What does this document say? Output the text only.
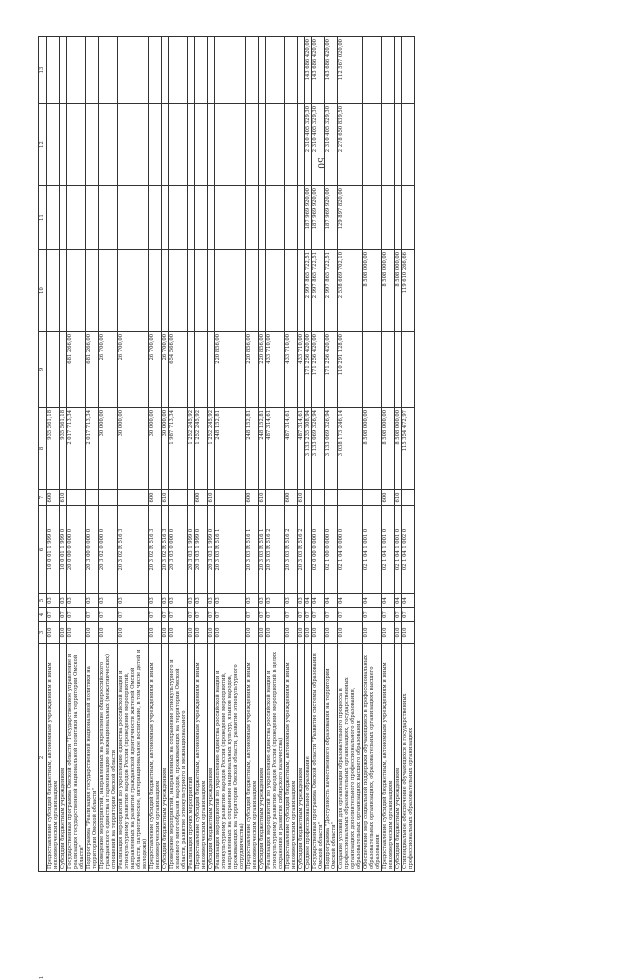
50
1
2	3	4	5	6	7	8	9	10	11	12	13
Предоставление субсидий бюджетным, автономным учреждениям и иным некоммерческим организациям	010	07	03	10 0 01 1 999 0	600	935 561,18					
Субсидии бюджетным учреждениям	010	07	03	10 0 01 1 999 0	610	935 561,18					
Государственная программа Омской области "Государственное управление и реализация государственной национальной политики на территории Омской области"	010	07	03	20 0 00 0 000 0		2 017 713,34	681 266,00				
Подпрограмма "Реализация государственной национальной политики на территории Омской области"	010	07	03	20 3 00 0 000 0		2 017 713,34	681 266,00				
Проведение мероприятий, направленных на укрепление общероссийского гражданского единства и гармонизацию межнациональных (межэтнических) отношений на территории Омской области	010	07	03	20 3 02 0 000 0		30 000,00	26 700,00				
Реализация мероприятий по укреплению единства российской нации и этнокультурному развитию народов России (проведение мероприятий, направленных на развитие гражданской идентичности жителей Омской области, патриотическое, интернациональное воспитание, в том числе детей и молодежи)	010	07	03	20 3 02 R 516 3		30 000,00	26 700,00				
Предоставление субсидий бюджетным, автономным учреждениям и иным некоммерческим организациям	010	07	03	20 3 02 R 516 3	600	30 000,00	26 700,00				
Субсидии бюджетным учреждениям	010	07	03	20 3 02 R 516 3	610	30 000,00	26 700,00				
Проведение мероприятий, направленных на сохранение этнокультурного и языкового многообразия народов, проживающих на территории Омской области, развитие этнокультурного и межнационального	010	07	03	20 3 03 0 000 0		1 987 713,34	654 566,00				
Реализация прочих мероприятий	010	07	03	20 3 03 1 999 0		1 252 245,92					
Предоставление субсидий бюджетным, автономным учреждениям и иным некоммерческим организациям	010	07	03	20 3 03 1 999 0	600	1 252 245,92					
Субсидии бюджетным учреждениям	010	07	03	20 3 03 1 999 0	610	1 252 245,92					
Реализация мероприятий по укреплению единства российской нации и этнокультурному развитию народов России (проведение мероприятий, направленных на сохранение национальных культур, языков народов, проживающих на территории Омской области, развитие этнокультурного сотрудничества)	010	07	03	20 3 03 R 516 1		248 152,81	220 856,00				
Предоставление субсидий бюджетным, автономным учреждениям и иным некоммерческим организациям	010	07	03	20 3 03 R 516 1	600	248 152,81	220 856,00				
Субсидии бюджетным учреждениям	010	07	03	20 3 03 R 516 1	610	248 152,81	220 856,00				
Реализация мероприятий по укреплению единства российской нации и этнокультурному развитию народов России (проведение мероприятий в целях сохранения и развития сибирского казачества)	010	07	03	20 3 03 R 516 2		487 314,61	433 710,00				
Предоставление субсидий бюджетным, автономным учреждениям и иным некоммерческим организациям	010	07	03	20 3 03 R 516 2	600	487 314,61	433 710,00				
Субсидии бюджетным учреждениям	010	07	03	20 3 03 R 516 2	610	487 314,61	433 710,00				
Среднее профессиональное образование	010	07	04			3 133 235 308,94	171 256 420,00	2 997 865 722,51	187 969 920,00	2 310 405 329,30	143 686 420,00
Государственная программа Омской области "Развитие системы образования Омской области"	010	07	04	02 0 00 0 000 0		3 133 069 326,94	171 256 420,00	2 997 865 722,51	187 969 920,00	2 310 405 329,30	143 686 420,00
Подпрограмма "Доступность качественного образования на территории Омской области"	010	07	04	02 1 00 0 000 0		3 133 069 326,94	171 256 420,00	2 997 865 722,51	187 969 920,00	2 310 405 329,30	143 686 420,00
Создание условий для организации образовательного процесса в профессиональных образовательных организациях, государственных организациях дополнительного профессионального образования, образовательных организациях высшего образования	010	07	04	02 1 04 0 000 0		3 038 173 246,14	110 291 128,00	2 538 669 702,10	129 897 820,00	2 278 650 839,50	112 567 020,00
Обеспечение мер социальной поддержки обучающимся в профессиональных образовательных организациях, образовательных организациях высшего образования	010	07	04	02 1 04 1 001 0		8 508 000,00		8 508 000,00			
Предоставление субсидий бюджетным, автономным учреждениям и иным некоммерческим организациям	010	07	04	02 1 04 1 001 0	600	8 508 000,00		8 508 000,00			
Субсидии бюджетным учреждениям	010	07	04	02 1 04 1 001 0	610	8 508 000,00		8 508 000,00			
Стипендиальное обеспечение обучающихся в государственных профессиональных образовательных организациях	010	07	04	02 1 04 1 002 0		115 354 472,97		119 610 266,66			
